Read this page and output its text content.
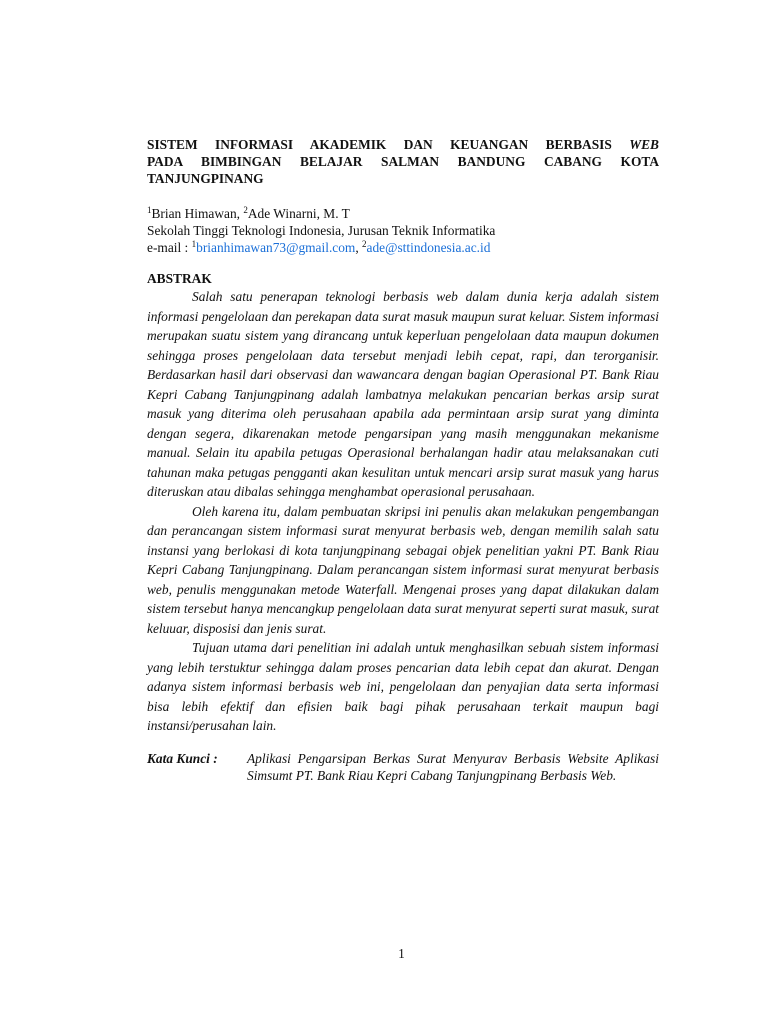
SISTEM INFORMASI AKADEMIK DAN KEUANGAN BERBASIS WEB
PADA BIMBINGAN BELAJAR SALMAN BANDUNG CABANG KOTA
TANJUNGPINANG
$^1$Brian Himawan, $^2$Ade Winarni, M. T
Sekolah Tinggi Teknologi Indonesia, Jurusan Teknik Informatika
e-mail : $^1$brianhimawan73@gmail.com, $^2$ade@sttindonesia.ac.id
ABSTRAK

Salah satu penerapan teknologi berbasis web dalam dunia kerja adalah sistem informasi pengelolaan dan perekapan data surat masuk maupun surat keluar. Sistem informasi merupakan suatu sistem yang dirancang untuk keperluan pengelolaan data maupun dokumen sehingga proses pengelolaan data tersebut menjadi lebih cepat, rapi, dan terorganisir. Berdasarkan hasil dari observasi dan wawancara dengan bagian Operasional PT. Bank Riau Kepri Cabang Tanjungpinang adalah lambatnya melakukan pencarian berkas arsip surat masuk yang diterima oleh perusahaan apabila ada permintaan arsip surat yang diminta dengan segera, dikarenakan metode pengarsipan yang masih menggunakan mekanisme manual. Selain itu apabila petugas Operasional berhalangan hadir atau melaksanakan cuti tahunan maka petugas pengganti akan kesulitan untuk mencari arsip surat masuk yang harus diteruskan atau dibalas sehingga menghambat operasional perusahaan.

Oleh karena itu, dalam pembuatan skripsi ini penulis akan melakukan pengembangan dan perancangan sistem informasi surat menyurat berbasis web, dengan memilih salah satu instansi yang berlokasi di kota tanjungpinang sebagai objek penelitian yakni PT. Bank Riau Kepri Cabang Tanjungpinang. Dalam perancangan sistem informasi surat menyurat berbasis web, penulis menggunakan metode Waterfall. Mengenai proses yang dapat dilakukan dalam sistem tersebut hanya mencangkup pengelolaan data surat menyurat seperti surat masuk, surat keluuar, disposisi dan jenis surat.

Tujuan utama dari penelitian ini adalah untuk menghasilkan sebuah sistem informasi yang lebih terstuktur sehingga dalam proses pencarian data lebih cepat dan akurat. Dengan adanya sistem informasi berbasis web ini, pengelolaan dan penyajian data serta informasi bisa lebih efektif dan efisien baik bagi pihak perusahaan terkait maupun bagi instansi/perusahan lain.

Kata Kunci :	Aplikasi Pengarsipan Berkas Surat Menyurav Berbasis Website Aplikasi Simsumt PT. Bank Riau Kepri Cabang Tanjungpinang Berbasis Web.
1
